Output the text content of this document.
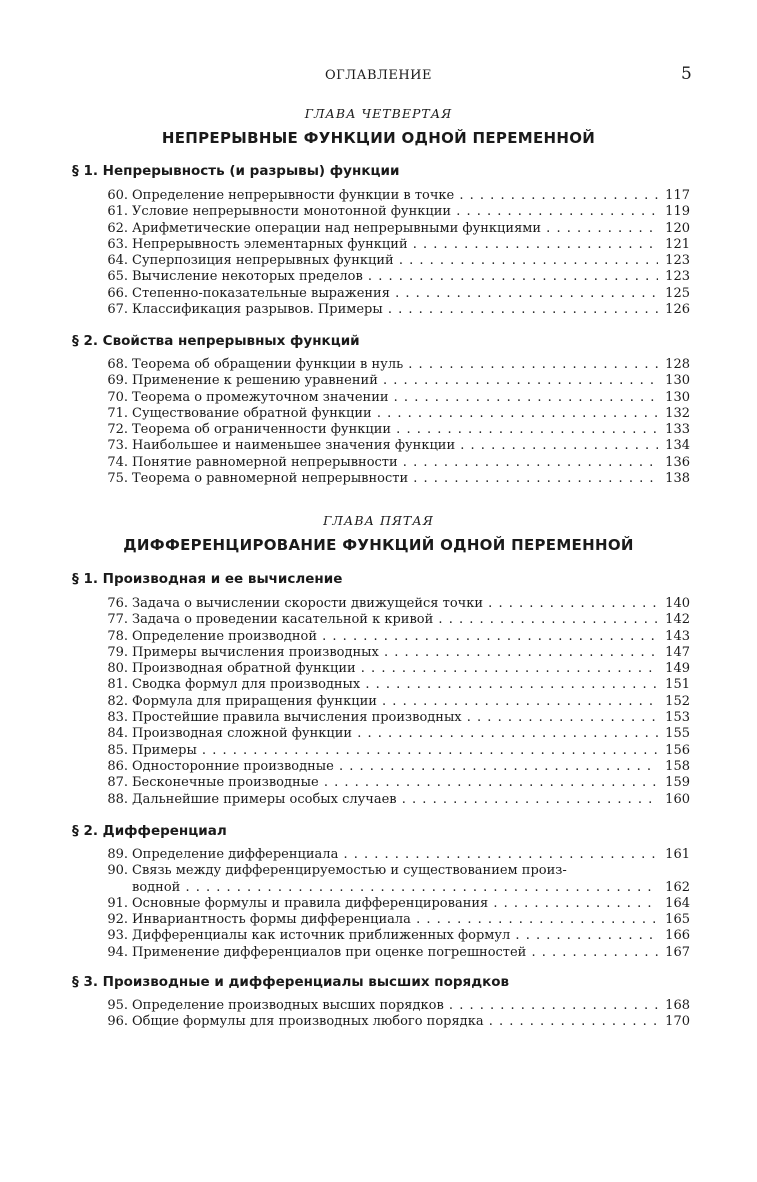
ОГЛАВЛЕНИЕ	5
ГЛАВА ЧЕТВЕРТАЯ
НЕПРЕРЫВНЫЕ ФУНКЦИИ ОДНОЙ ПЕРЕМЕННОЙ
§ 1. Непрерывность (и разрывы) функции
60. Определение непрерывности функции в точке . . .	117
61. Условие непрерывности монотонной функции . . .	119
62. Арифметические операции над непрерывными функциями . . .	120
63. Непрерывность элементарных функций . . .	121
64. Суперпозиция непрерывных функций . . .	123
65. Вычисление некоторых пределов . . .	123
66. Степенно-показательные выражения . . .	125
67. Классификация разрывов. Примеры . . .	126
§ 2. Свойства непрерывных функций
68. Теорема об обращении функции в нуль . . .	128
69. Применение к решению уравнений . . .	130
70. Теорема о промежуточном значении . . .	130
71. Существование обратной функции . . .	132
72. Теорема об ограниченности функции . . .	133
73. Наибольшее и наименьшее значения функции . . .	134
74. Понятие равномерной непрерывности . . .	136
75. Теорема о равномерной непрерывности . . .	138
ГЛАВА ПЯТАЯ
ДИФФЕРЕНЦИРОВАНИЕ ФУНКЦИЙ ОДНОЙ ПЕРЕМЕННОЙ
§ 1. Производная и ее вычисление
76. Задача о вычислении скорости движущейся точки . . .	140
77. Задача о проведении касательной к кривой . . .	142
78. Определение производной . . .	143
79. Примеры вычисления производных . . .	147
80. Производная обратной функции . . .	149
81. Сводка формул для производных . . .	151
82. Формула для приращения функции . . .	152
83. Простейшие правила вычисления производных . . .	153
84. Производная сложной функции . . .	155
85. Примеры . . .	156
86. Односторонние производные . . .	158
87. Бесконечные производные . . .	159
88. Дальнейшие примеры особых случаев . . .	160
§ 2. Дифференциал
89. Определение дифференциала . . .	161
90. Связь между дифференцируемостью и существованием произ-
водной . . .	162
91. Основные формулы и правила дифференцирования . . .	164
92. Инвариантность формы дифференциала . . .	165
93. Дифференциалы как источник приближенных формул . . .	166
94. Применение дифференциалов при оценке погрешностей . . .	167
§ 3. Производные и дифференциалы высших порядков
95. Определение производных высших порядков . . .	168
96. Общие формулы для производных любого порядка . . .	170
